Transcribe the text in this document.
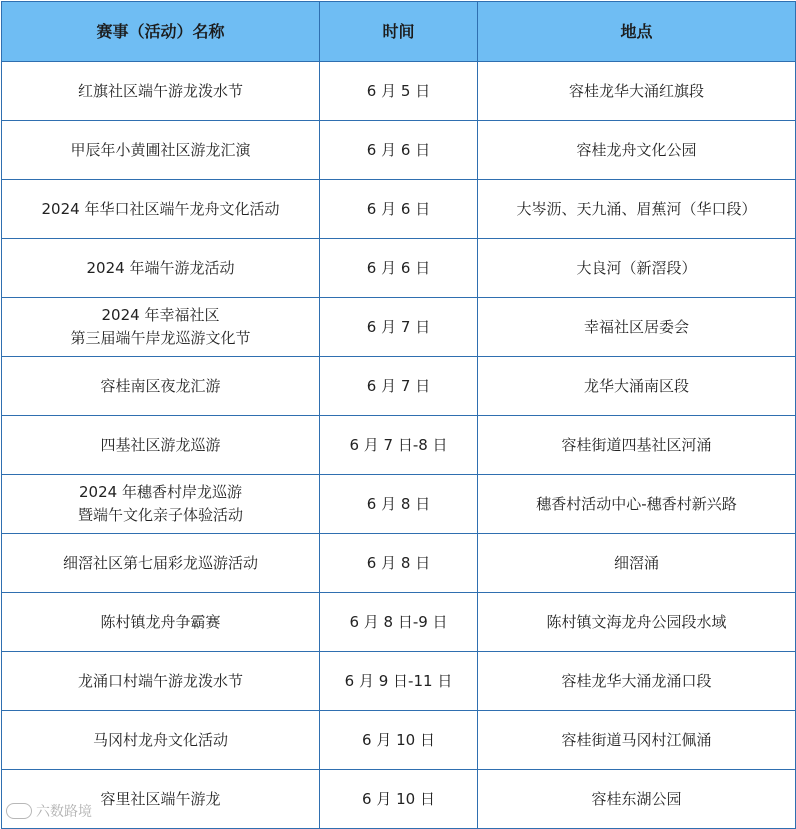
赛事（活动）名称	时间	地点

红旗社区端午游龙泼水节	6 月 5 日	容桂龙华大涌红旗段

甲辰年小黄圃社区游龙汇演	6 月 6 日	容桂龙舟文化公园

2024 年华口社区端午龙舟文化活动	6 月 6 日	大岑沥、天九涌、眉蕉河（华口段）

2024 年端午游龙活动	6 月 6 日	大良河（新滘段）

2024 年幸福社区
第三届端午岸龙巡游文化节	6 月 7 日	幸福社区居委会

容桂南区夜龙汇游	6 月 7 日	龙华大涌南区段

四基社区游龙巡游	6 月 7 日-8 日	容桂街道四基社区河涌

2024 年穗香村岸龙巡游
暨端午文化亲子体验活动	6 月 8 日	穗香村活动中心-穗香村新兴路

细滘社区第七届彩龙巡游活动	6 月 8 日	细滘涌

陈村镇龙舟争霸赛	6 月 8 日-9 日	陈村镇文海龙舟公园段水域

龙涌口村端午游龙泼水节	6 月 9 日-11 日	容桂龙华大涌龙涌口段

马冈村龙舟文化活动	6 月 10 日	容桂街道马冈村江佩涌

容里社区端午游龙	6 月 10 日	容桂东湖公园
六数路境
